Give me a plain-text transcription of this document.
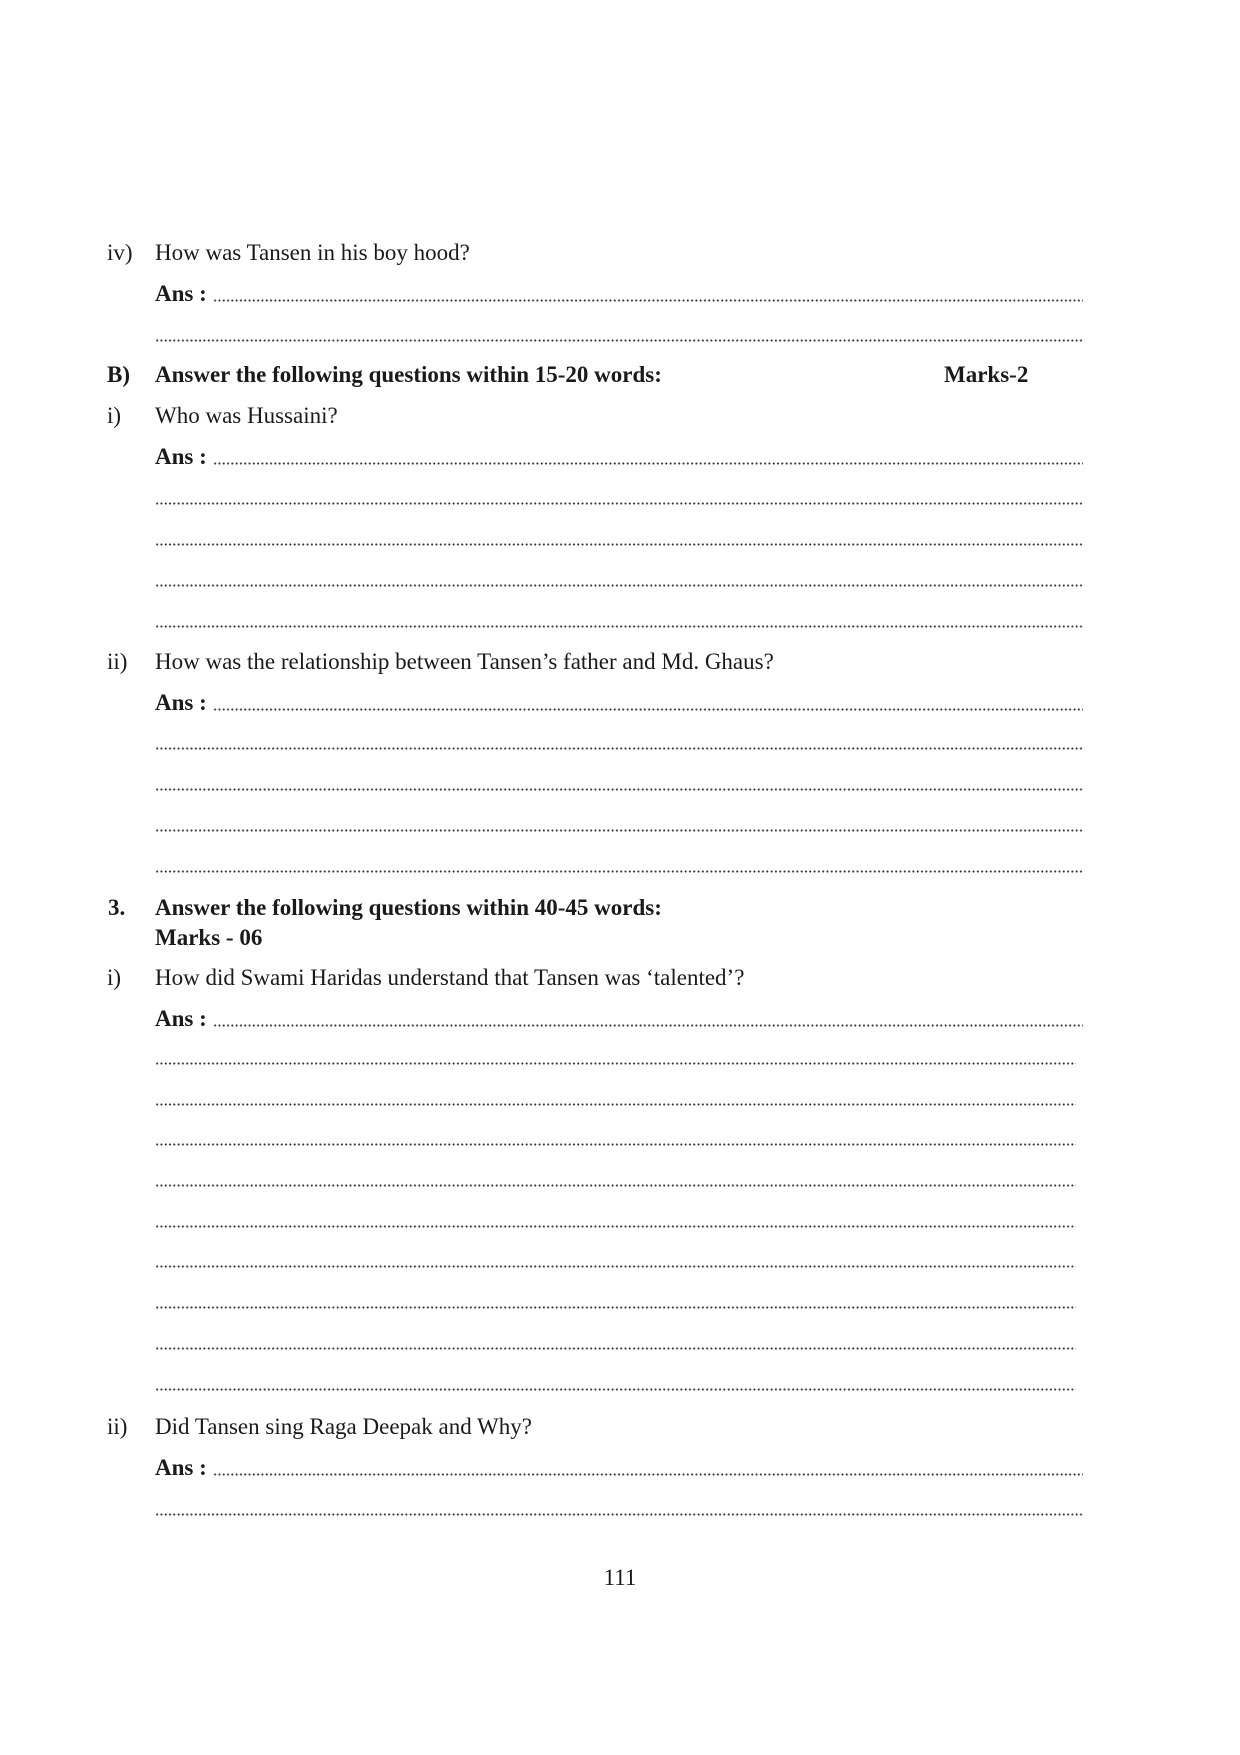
iv) How was Tansen in his boy hood?
Ans :
B) Answer the following questions within 15-20 words:	Marks-2
i) Who was Hussaini?
Ans :
ii) How was the relationship between Tansen’s father and Md. Ghaus?
Ans :
3. Answer the following questions within 40-45 words:
Marks - 06
i) How did Swami Haridas understand that Tansen was ‘talented’?
Ans :
ii) Did Tansen sing Raga Deepak and Why?
Ans :
111
